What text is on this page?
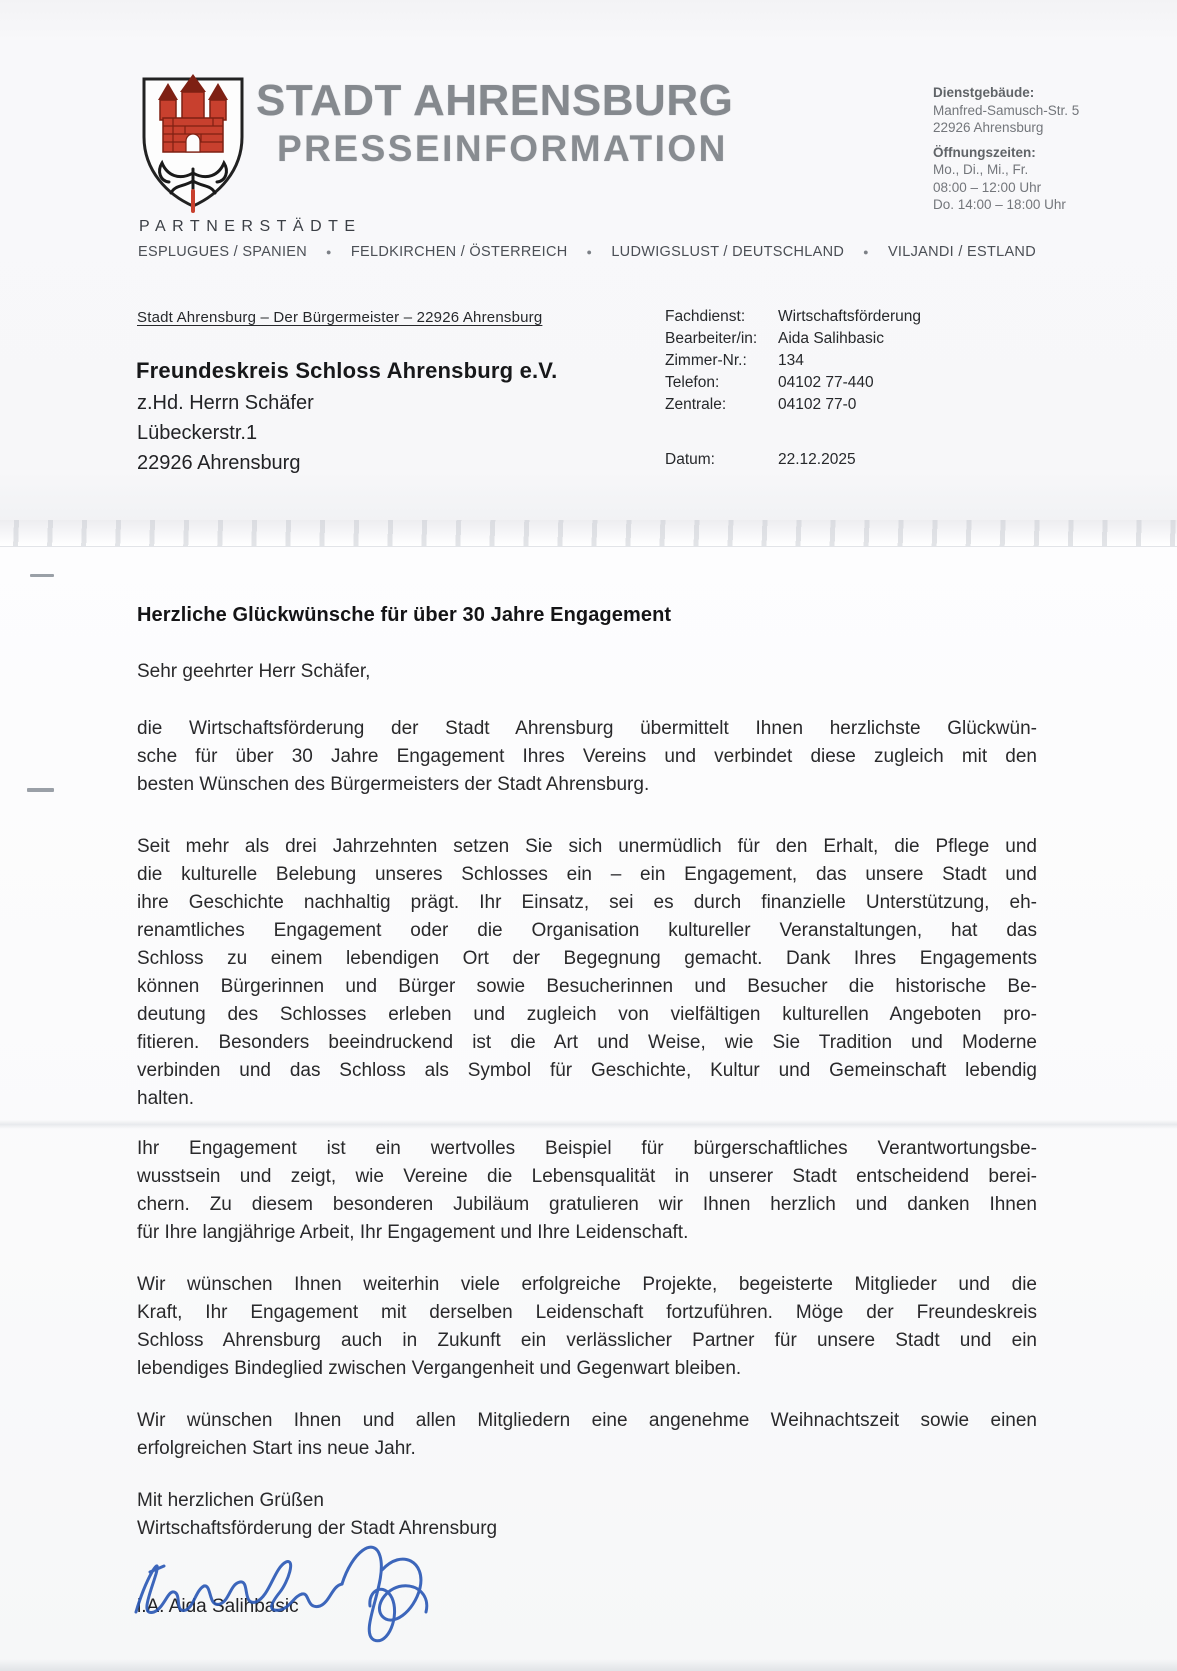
STADT AHRENSBURG
PRESSEINFORMATION
PARTNERSTÄDTE
ESPLUGUES / SPANIEN ● FELDKIRCHEN / ÖSTERREICH ● LUDWIGSLUST / DEUTSCHLAND ● VILJANDI / ESTLAND
Dienstgebäude:
Manfred-Samusch-Str. 5
22926 Ahrensburg
Öffnungszeiten:
Mo., Di., Mi., Fr.
08:00 – 12:00 Uhr
Do. 14:00 – 18:00 Uhr
Stadt Ahrensburg – Der Bürgermeister – 22926 Ahrensburg
Freundeskreis Schloss Ahrensburg e.V.
z.Hd. Herrn Schäfer
Lübeckerstr.1
22926 Ahrensburg
Fachdienst:	Wirtschaftsförderung
Bearbeiter/in:	Aida Salihbasic
Zimmer-Nr.:	134
Telefon:	04102 77-440
Zentrale:	04102 77-0
Datum:	22.12.2025
Herzliche Glückwünsche für über 30 Jahre Engagement
Sehr geehrter Herr Schäfer,
die Wirtschaftsförderung der Stadt Ahrensburg übermittelt Ihnen herzlichste Glückwün-
sche für über 30 Jahre Engagement Ihres Vereins und verbindet diese zugleich mit den
besten Wünschen des Bürgermeisters der Stadt Ahrensburg.
Seit mehr als drei Jahrzehnten setzen Sie sich unermüdlich für den Erhalt, die Pflege und
die kulturelle Belebung unseres Schlosses ein – ein Engagement, das unsere Stadt und
ihre Geschichte nachhaltig prägt. Ihr Einsatz, sei es durch finanzielle Unterstützung, eh-
renamtliches Engagement oder die Organisation kultureller Veranstaltungen, hat das
Schloss zu einem lebendigen Ort der Begegnung gemacht. Dank Ihres Engagements
können Bürgerinnen und Bürger sowie Besucherinnen und Besucher die historische Be-
deutung des Schlosses erleben und zugleich von vielfältigen kulturellen Angeboten pro-
fitieren. Besonders beeindruckend ist die Art und Weise, wie Sie Tradition und Moderne
verbinden und das Schloss als Symbol für Geschichte, Kultur und Gemeinschaft lebendig
halten.
Ihr Engagement ist ein wertvolles Beispiel für bürgerschaftliches Verantwortungsbe-
wusstsein und zeigt, wie Vereine die Lebensqualität in unserer Stadt entscheidend berei-
chern. Zu diesem besonderen Jubiläum gratulieren wir Ihnen herzlich und danken Ihnen
für Ihre langjährige Arbeit, Ihr Engagement und Ihre Leidenschaft.
Wir wünschen Ihnen weiterhin viele erfolgreiche Projekte, begeisterte Mitglieder und die
Kraft, Ihr Engagement mit derselben Leidenschaft fortzuführen. Möge der Freundeskreis
Schloss Ahrensburg auch in Zukunft ein verlässlicher Partner für unsere Stadt und ein
lebendiges Bindeglied zwischen Vergangenheit und Gegenwart bleiben.
Wir wünschen Ihnen und allen Mitgliedern eine angenehme Weihnachtszeit sowie einen
erfolgreichen Start ins neue Jahr.
Mit herzlichen Grüßen
Wirtschaftsförderung der Stadt Ahrensburg
i.A. Aida Salihbasic
